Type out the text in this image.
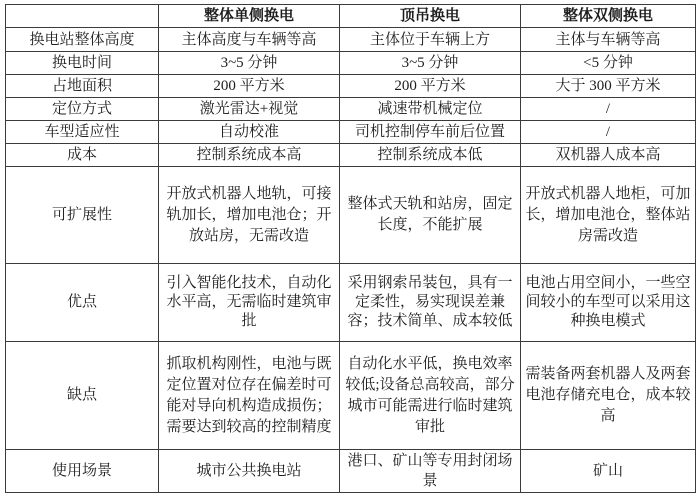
	整体单侧换电	顶吊换电	整体双侧换电
换电站整体高度	主体高度与车辆等高	主体位于车辆上方	主体与车辆等高
换电时间	3~5 分钟	3~5 分钟	<5 分钟
占地面积	200 平方米	200 平方米	大于 300 平方米
定位方式	激光雷达+视觉	减速带机械定位	/
车型适应性	自动校准	司机控制停车前后位置	/
成本	控制系统成本高	控制系统成本低	双机器人成本高
可扩展性	开放式机器人地轨，可接轨加长，增加电池仓；开放站房，无需改造	整体式天轨和站房，固定长度，不能扩展	开放式机器人地柜，可加长，增加电池仓，整体站房需改造
优点	引入智能化技术，自动化水平高，无需临时建筑审批	采用钢索吊装包，具有一定柔性，易实现误差兼容；技术简单、成本较低	电池占用空间小，一些空间较小的车型可以采用这种换电模式
缺点	抓取机构刚性，电池与既定位置对位存在偏差时可能对导向机构造成损伤；需要达到较高的控制精度	自动化水平低，换电效率较低;设备总高较高，部分城市可能需进行临时建筑审批	需装备两套机器人及两套电池存储充电仓，成本较高
使用场景	城市公共换电站	港口、矿山等专用封闭场景	矿山
